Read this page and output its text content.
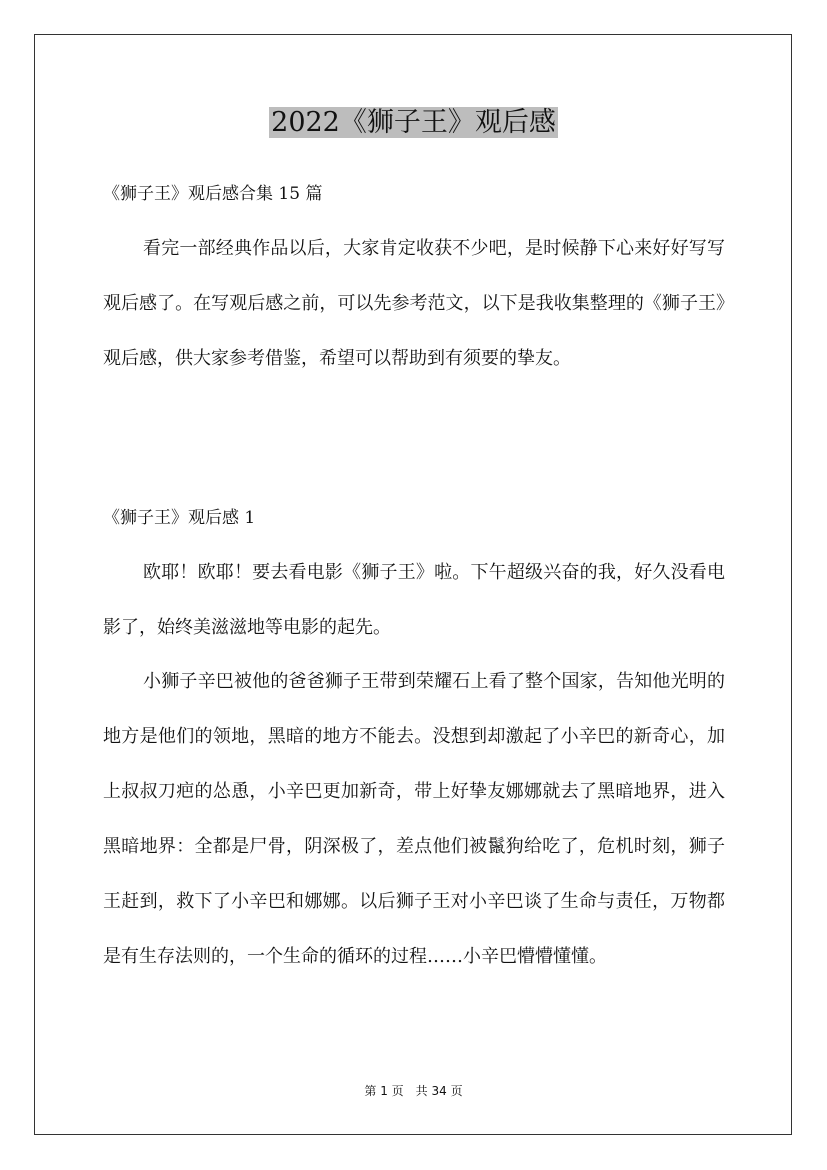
2022《狮子王》观后感
《狮子王》观后感合集 15 篇

看完一部经典作品以后，大家肯定收获不少吧，是时候静下心来好好写写观后感了。在写观后感之前，可以先参考范文，以下是我收集整理的《狮子王》观后感，供大家参考借鉴，希望可以帮助到有须要的挚友。

《狮子王》观后感 1

欧耶！欧耶！要去看电影《狮子王》啦。下午超级兴奋的我，好久没看电影了，始终美滋滋地等电影的起先。

小狮子辛巴被他的爸爸狮子王带到荣耀石上看了整个国家，告知他光明的地方是他们的领地，黑暗的地方不能去。没想到却激起了小辛巴的新奇心，加上叔叔刀疤的怂恿，小辛巴更加新奇，带上好挚友娜娜就去了黑暗地界，进入黑暗地界：全都是尸骨，阴深极了，差点他们被鬣狗给吃了，危机时刻，狮子王赶到，救下了小辛巴和娜娜。以后狮子王对小辛巴谈了生命与责任，万物都是有生存法则的，一个生命的循环的过程……小辛巴懵懵懂懂。

第 1 页　共 34 页
